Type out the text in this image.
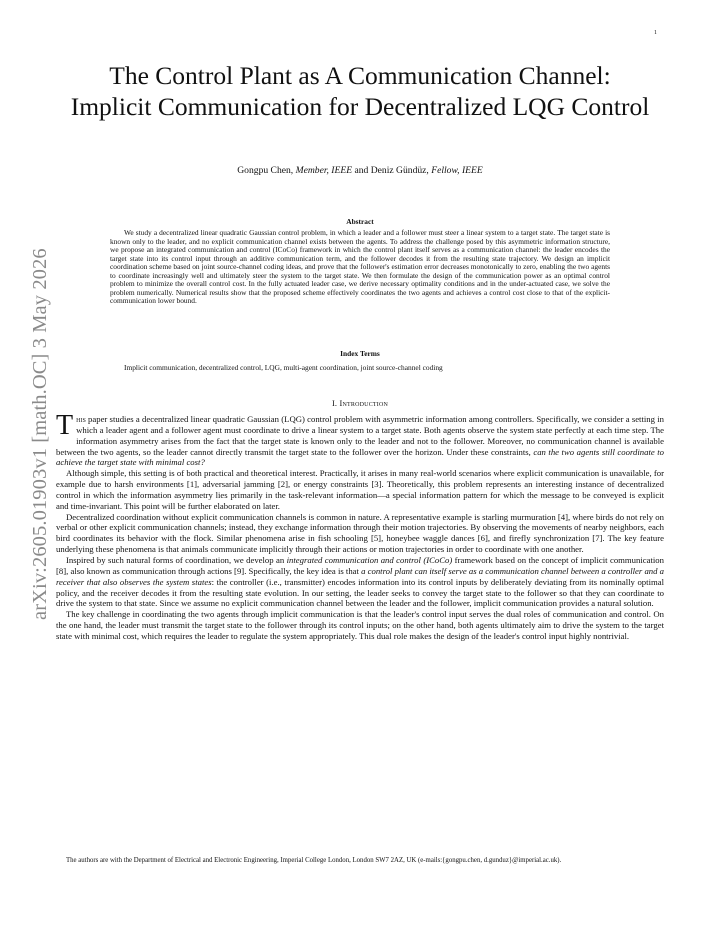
1
arXiv:2605.01903v1 [math.OC] 3 May 2026
The Control Plant as A Communication Channel: Implicit Communication for Decentralized LQG Control
Gongpu Chen, Member, IEEE and Deniz Gündüz, Fellow, IEEE
Abstract

We study a decentralized linear quadratic Gaussian control problem, in which a leader and a follower must steer a linear system to a target state. The target state is known only to the leader, and no explicit communication channel exists between the agents. To address the challenge posed by this asymmetric information structure, we propose an integrated communication and control (ICoCo) framework in which the control plant itself serves as a communication channel: the leader encodes the target state into its control input through an additive communication term, and the follower decodes it from the resulting state trajectory. We design an implicit coordination scheme based on joint source-channel coding ideas, and prove that the follower's estimation error decreases monotonically to zero, enabling the two agents to coordinate increasingly well and ultimately steer the system to the target state. We then formulate the design of the communication power as an optimal control problem to minimize the overall control cost. In the fully actuated leader case, we derive necessary optimality conditions and in the under-actuated case, we solve the problem numerically. Numerical results show that the proposed scheme effectively coordinates the two agents and achieves a control cost close to that of the explicit-communication lower bound.

Index Terms
Implicit communication, decentralized control, LQG, multi-agent coordination, joint source-channel coding
I. Introduction

This paper studies a decentralized linear quadratic Gaussian (LQG) control problem with asymmetric information among controllers. Specifically, we consider a setting in which a leader agent and a follower agent must coordinate to drive a linear system to a target state. Both agents observe the system state perfectly at each time step. The information asymmetry arises from the fact that the target state is known only to the leader and not to the follower. Moreover, no communication channel is available between the two agents, so the leader cannot directly transmit the target state to the follower over the horizon. Under these constraints, can the two agents still coordinate to achieve the target state with minimal cost?

Although simple, this setting is of both practical and theoretical interest. Practically, it arises in many real-world scenarios where explicit communication is unavailable, for example due to harsh environments [1], adversarial jamming [2], or energy constraints [3]. Theoretically, this problem represents an interesting instance of decentralized control in which the information asymmetry lies primarily in the task-relevant information—a special information pattern for which the message to be conveyed is explicit and time-invariant. This point will be further elaborated on later.

Decentralized coordination without explicit communication channels is common in nature. A representative example is starling murmuration [4], where birds do not rely on verbal or other explicit communication channels; instead, they exchange information through their motion trajectories. By observing the movements of nearby neighbors, each bird coordinates its behavior with the flock. Similar phenomena arise in fish schooling [5], honeybee waggle dances [6], and firefly synchronization [7]. The key feature underlying these phenomena is that animals communicate implicitly through their actions or motion trajectories in order to coordinate with one another.

Inspired by such natural forms of coordination, we develop an integrated communication and control (ICoCo) framework based on the concept of implicit communication [8], also known as communication through actions [9]. Specifically, the key idea is that a control plant can itself serve as a communication channel between a controller and a receiver that also observes the system states: the controller (i.e., transmitter) encodes information into its control inputs by deliberately deviating from its nominally optimal policy, and the receiver decodes it from the resulting state evolution. In our setting, the leader seeks to convey the target state to the follower so that they can coordinate to drive the system to that state. Since we assume no explicit communication channel between the leader and the follower, implicit communication provides a natural solution.

The key challenge in coordinating the two agents through implicit communication is that the leader's control input serves the dual roles of communication and control. On the one hand, the leader must transmit the target state to the follower through its control inputs; on the other hand, both agents ultimately aim to drive the system to the target state with minimal cost, which requires the leader to regulate the system appropriately. This dual role makes the design of the leader's control input highly nontrivial.

The authors are with the Department of Electrical and Electronic Engineering, Imperial College London, London SW7 2AZ, UK (e-mails:{gongpu.chen, d.gunduz}@imperial.ac.uk).
